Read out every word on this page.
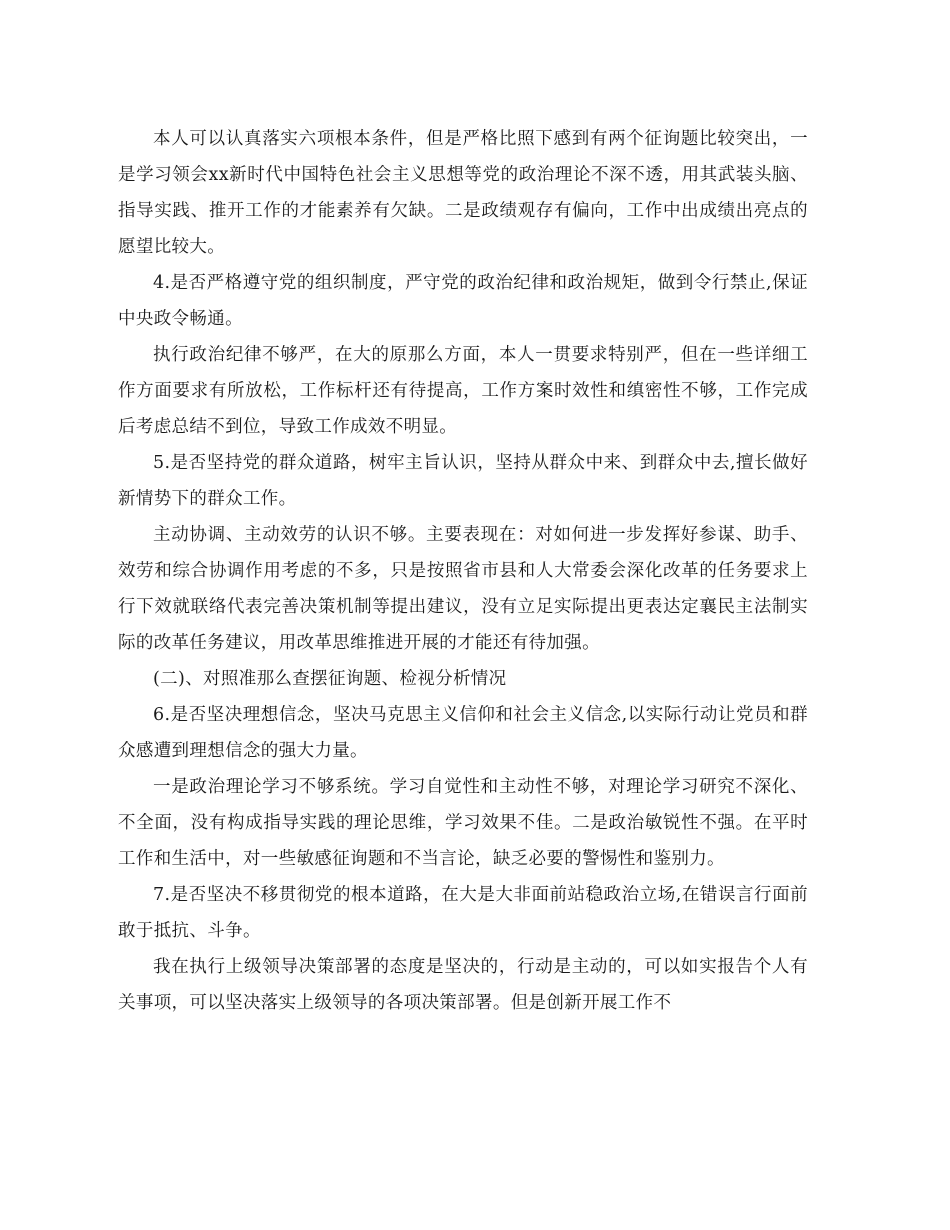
本人可以认真落实六项根本条件，但是严格比照下感到有两个征询题比较突出，一是学习领会xx新时代中国特色社会主义思想等党的政治理论不深不透，用其武装头脑、指导实践、推开工作的才能素养有欠缺。二是政绩观存有偏向，工作中出成绩出亮点的愿望比较大。

4.是否严格遵守党的组织制度，严守党的政治纪律和政治规矩，做到令行禁止,保证中央政令畅通。

执行政治纪律不够严，在大的原那么方面，本人一贯要求特别严，但在一些详细工作方面要求有所放松，工作标杆还有待提高，工作方案时效性和缜密性不够，工作完成后考虑总结不到位，导致工作成效不明显。

5.是否坚持党的群众道路，树牢主旨认识，坚持从群众中来、到群众中去,擅长做好新情势下的群众工作。

主动协调、主动效劳的认识不够。主要表现在：对如何进一步发挥好参谋、助手、效劳和综合协调作用考虑的不多，只是按照省市县和人大常委会深化改革的任务要求上行下效就联络代表完善决策机制等提出建议，没有立足实际提出更表达定襄民主法制实际的改革任务建议，用改革思维推进开展的才能还有待加强。

(二)、对照准那么查摆征询题、检视分析情况

6.是否坚决理想信念，坚决马克思主义信仰和社会主义信念,以实际行动让党员和群众感遭到理想信念的强大力量。

一是政治理论学习不够系统。学习自觉性和主动性不够，对理论学习研究不深化、不全面，没有构成指导实践的理论思维，学习效果不佳。二是政治敏锐性不强。在平时工作和生活中，对一些敏感征询题和不当言论，缺乏必要的警惕性和鉴别力。

7.是否坚决不移贯彻党的根本道路，在大是大非面前站稳政治立场,在错误言行面前敢于抵抗、斗争。

我在执行上级领导决策部署的态度是坚决的，行动是主动的，可以如实报告个人有关事项，可以坚决落实上级领导的各项决策部署。但是创新开展工作不
